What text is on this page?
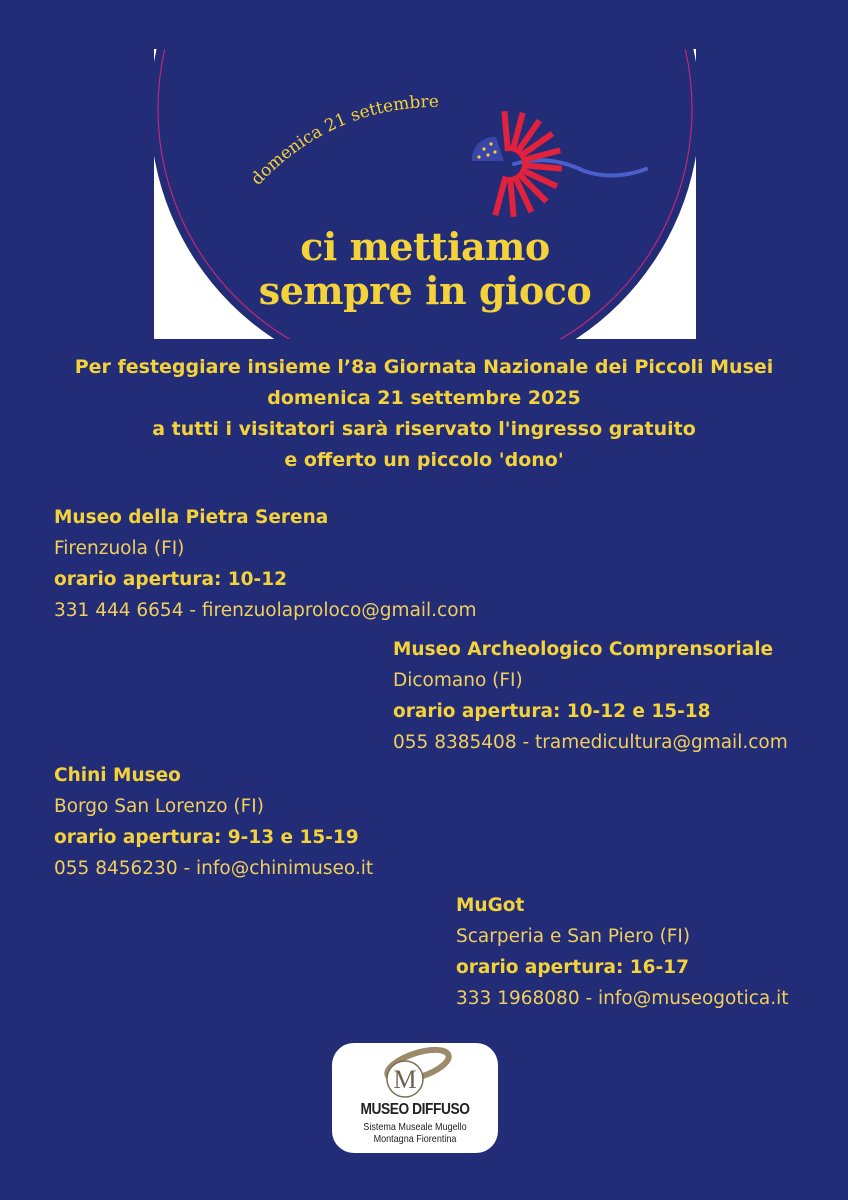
domenica 21 settembre
ci mettiamo
sempre in gioco
Per festeggiare insieme l’8a Giornata Nazionale dei Piccoli Musei
domenica 21 settembre 2025
a tutti i visitatori sarà riservato l'ingresso gratuito
e offerto un piccolo 'dono'
Museo della Pietra Serena
Firenzuola (FI)
orario apertura: 10-12
331 444 6654 - firenzuolaproloco@gmail.com
Museo Archeologico Comprensoriale
Dicomano (FI)
orario apertura: 10-12 e 15-18
055 8385408 - tramedicultura@gmail.com
Chini Museo
Borgo San Lorenzo (FI)
orario apertura: 9-13 e 15-19
055 8456230 - info@chinimuseo.it
MuGot
Scarperia e San Piero (FI)
orario apertura: 16-17
333 1968080 - info@museogotica.it
M
MUSEO DIFFUSO
Sistema Museale Mugello
Montagna Fiorentina
